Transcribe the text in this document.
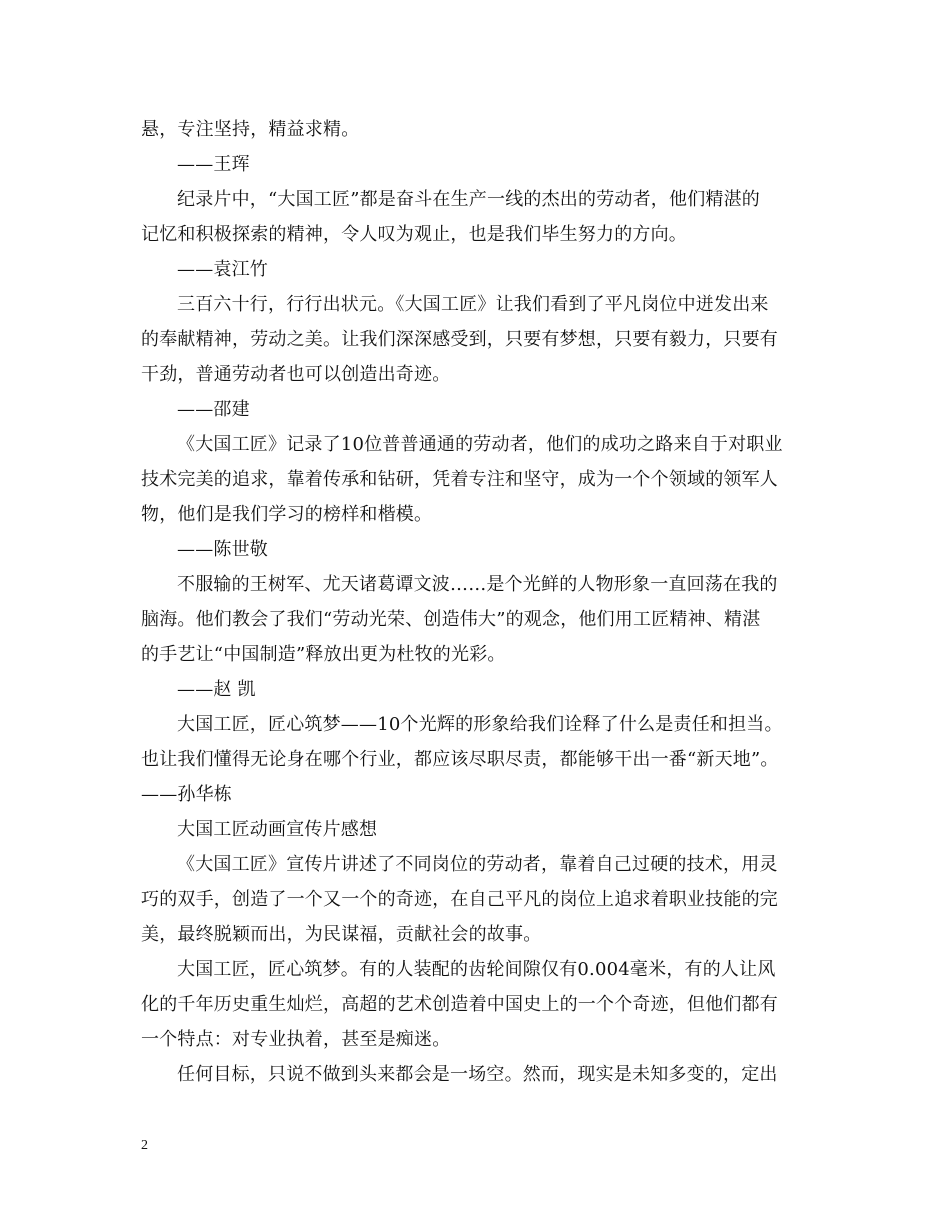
悬，专注坚持，精益求精。
——王珲
纪录片中，“大国工匠”都是奋斗在生产一线的杰出的劳动者，他们精湛的
记忆和积极探索的精神，令人叹为观止，也是我们毕生努力的方向。
——袁江竹
三百六十行，行行出状元。《大国工匠》让我们看到了平凡岗位中迸发出来
的奉献精神，劳动之美。让我们深深感受到，只要有梦想，只要有毅力，只要有
干劲，普通劳动者也可以创造出奇迹。
——邵建
《大国工匠》记录了10位普普通通的劳动者，他们的成功之路来自于对职业
技术完美的追求，靠着传承和钻研，凭着专注和坚守，成为一个个领域的领军人
物，他们是我们学习的榜样和楷模。
——陈世敬
不服输的王树军、尤天诸葛谭文波……是个光鲜的人物形象一直回荡在我的
脑海。他们教会了我们“劳动光荣、创造伟大”的观念，他们用工匠精神、精湛
的手艺让“中国制造”释放出更为杜牧的光彩。
——赵 凯
大国工匠，匠心筑梦——10个光辉的形象给我们诠释了什么是责任和担当。
也让我们懂得无论身在哪个行业，都应该尽职尽责，都能够干出一番“新天地”。
——孙华栋
大国工匠动画宣传片感想
《大国工匠》宣传片讲述了不同岗位的劳动者，靠着自己过硬的技术，用灵
巧的双手，创造了一个又一个的奇迹，在自己平凡的岗位上追求着职业技能的完
美，最终脱颖而出，为民谋福，贡献社会的故事。
大国工匠，匠心筑梦。有的人装配的齿轮间隙仅有0.004毫米，有的人让风
化的千年历史重生灿烂，高超的艺术创造着中国史上的一个个奇迹，但他们都有
一个特点：对专业执着，甚至是痴迷。
任何目标，只说不做到头来都会是一场空。然而，现实是未知多变的，定出
2
